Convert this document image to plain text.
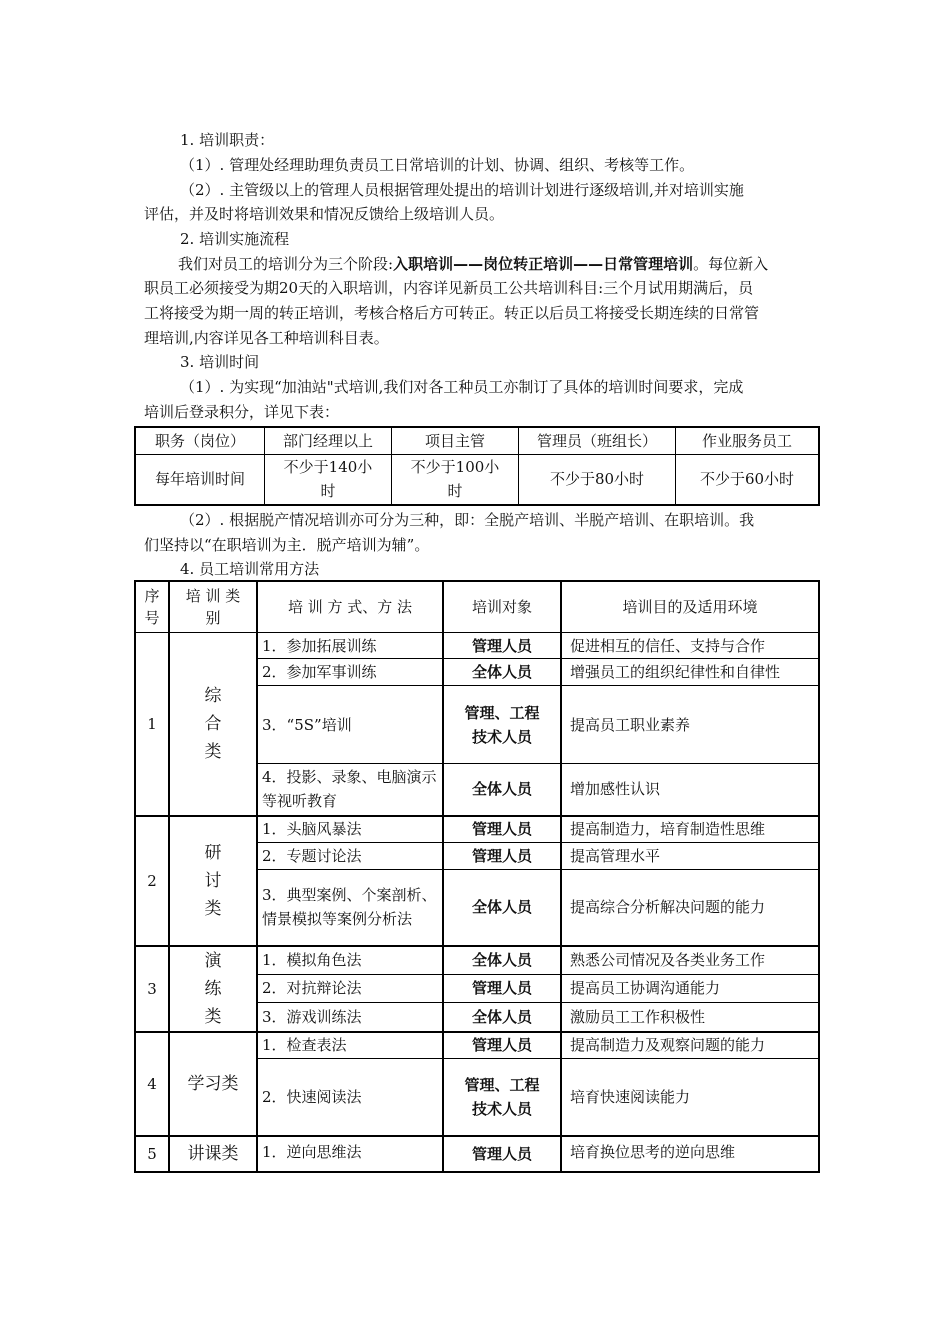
1. 培训职责：
（1）. 管理处经理助理负责员工日常培训的计划、协调、组织、考核等工作。
（2）. 主管级以上的管理人员根据管理处提出的培训计划进行逐级培训,并对培训实施
评估，并及时将培训效果和情况反馈给上级培训人员。
2. 培训实施流程
我们对员工的培训分为三个阶段:入职培训——岗位转正培训——日常管理培训。每位新入
职员工必须接受为期20天的入职培训，内容详见新员工公共培训科目:三个月试用期满后，员
工将接受为期一周的转正培训，考核合格后方可转正。转正以后员工将接受长期连续的日常管
理培训,内容详见各工种培训科目表。
3. 培训时间
（1）. 为实现“加油站"式培训,我们对各工种员工亦制订了具体的培训时间要求，完成
培训后登录积分，详见下表：
职务（岗位）	部门经理以上	项目主管	管理员（班组长）	作业服务员工
每年培训时间	不少于140小时	不少于100小时	不少于80小时	不少于60小时
（2）. 根据脱产情况培训亦可分为三种，即：全脱产培训、半脱产培训、在职培训。我
们坚持以“在职培训为主．脱产培训为辅”。
4. 员工培训常用方法
序号	培 训 类 别	培 训 方 式、方 法	培训对象	培训目的及适用环境
1	综合类	1．参加拓展训练	管理人员	促进相互的信任、支持与合作
		2．参加军事训练	全体人员	增强员工的组织纪律性和自律性
		3．“5S”培训	管理、工程技术人员	提高员工职业素养
		4．投影、录象、电脑演示等视听教育	全体人员	增加感性认识
2	研讨类	1．头脑风暴法	管理人员	提高制造力，培育制造性思维
		2．专题讨论法	管理人员	提高管理水平
		3．典型案例、个案剖析、情景模拟等案例分析法	全体人员	提高综合分析解决问题的能力
3	演练类	1．模拟角色法	全体人员	熟悉公司情况及各类业务工作
		2．对抗辩论法	管理人员	提高员工协调沟通能力
		3．游戏训练法	全体人员	激励员工工作积极性
4	学习类	1．检查表法	管理人员	提高制造力及观察问题的能力
		2．快速阅读法	管理、工程技术人员	培育快速阅读能力
5	讲课类	1．逆向思维法	管理人员	培育换位思考的逆向思维
